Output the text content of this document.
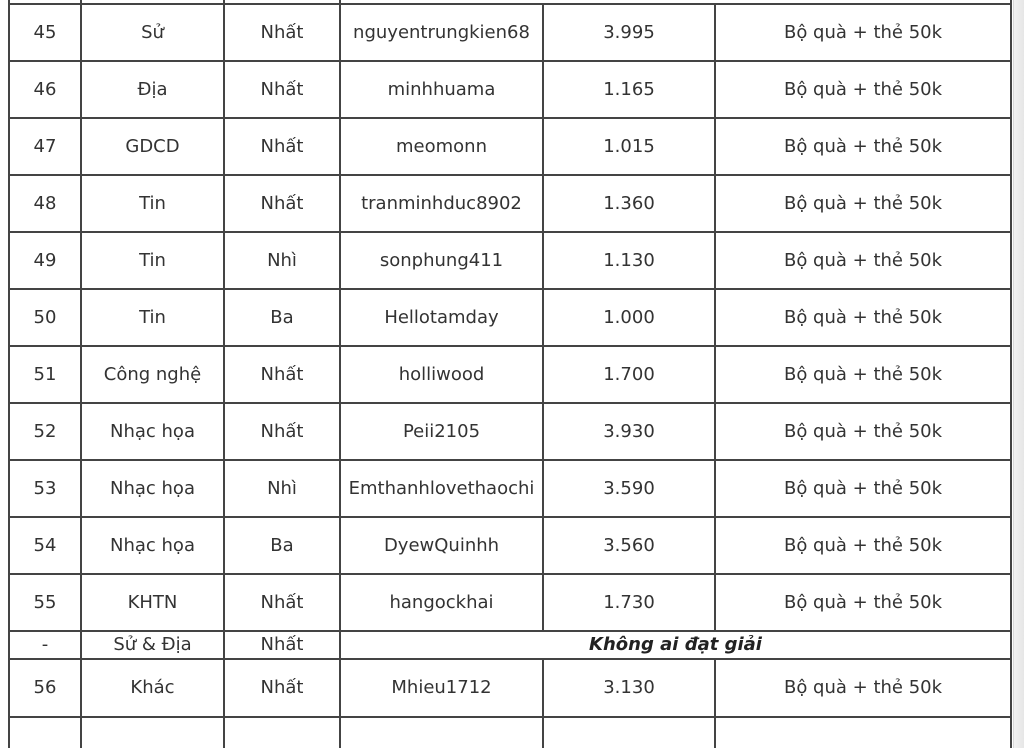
45	Sử	Nhất	nguyentrungkien68	3.995	Bộ quà + thẻ 50k
46	Địa	Nhất	minhhuama	1.165	Bộ quà + thẻ 50k
47	GDCD	Nhất	meomonn	1.015	Bộ quà + thẻ 50k
48	Tin	Nhất	tranminhduc8902	1.360	Bộ quà + thẻ 50k
49	Tin	Nhì	sonphung411	1.130	Bộ quà + thẻ 50k
50	Tin	Ba	Hellotamday	1.000	Bộ quà + thẻ 50k
51	Công nghệ	Nhất	holliwood	1.700	Bộ quà + thẻ 50k
52	Nhạc họa	Nhất	Peii2105	3.930	Bộ quà + thẻ 50k
53	Nhạc họa	Nhì	Emthanhlovethaochi	3.590	Bộ quà + thẻ 50k
54	Nhạc họa	Ba	DyewQuinhh	3.560	Bộ quà + thẻ 50k
55	KHTN	Nhất	hangockhai	1.730	Bộ quà + thẻ 50k
-	Sử & Địa	Nhất	Không ai đạt giải		
56	Khác	Nhất	Mhieu1712	3.130	Bộ quà + thẻ 50k
